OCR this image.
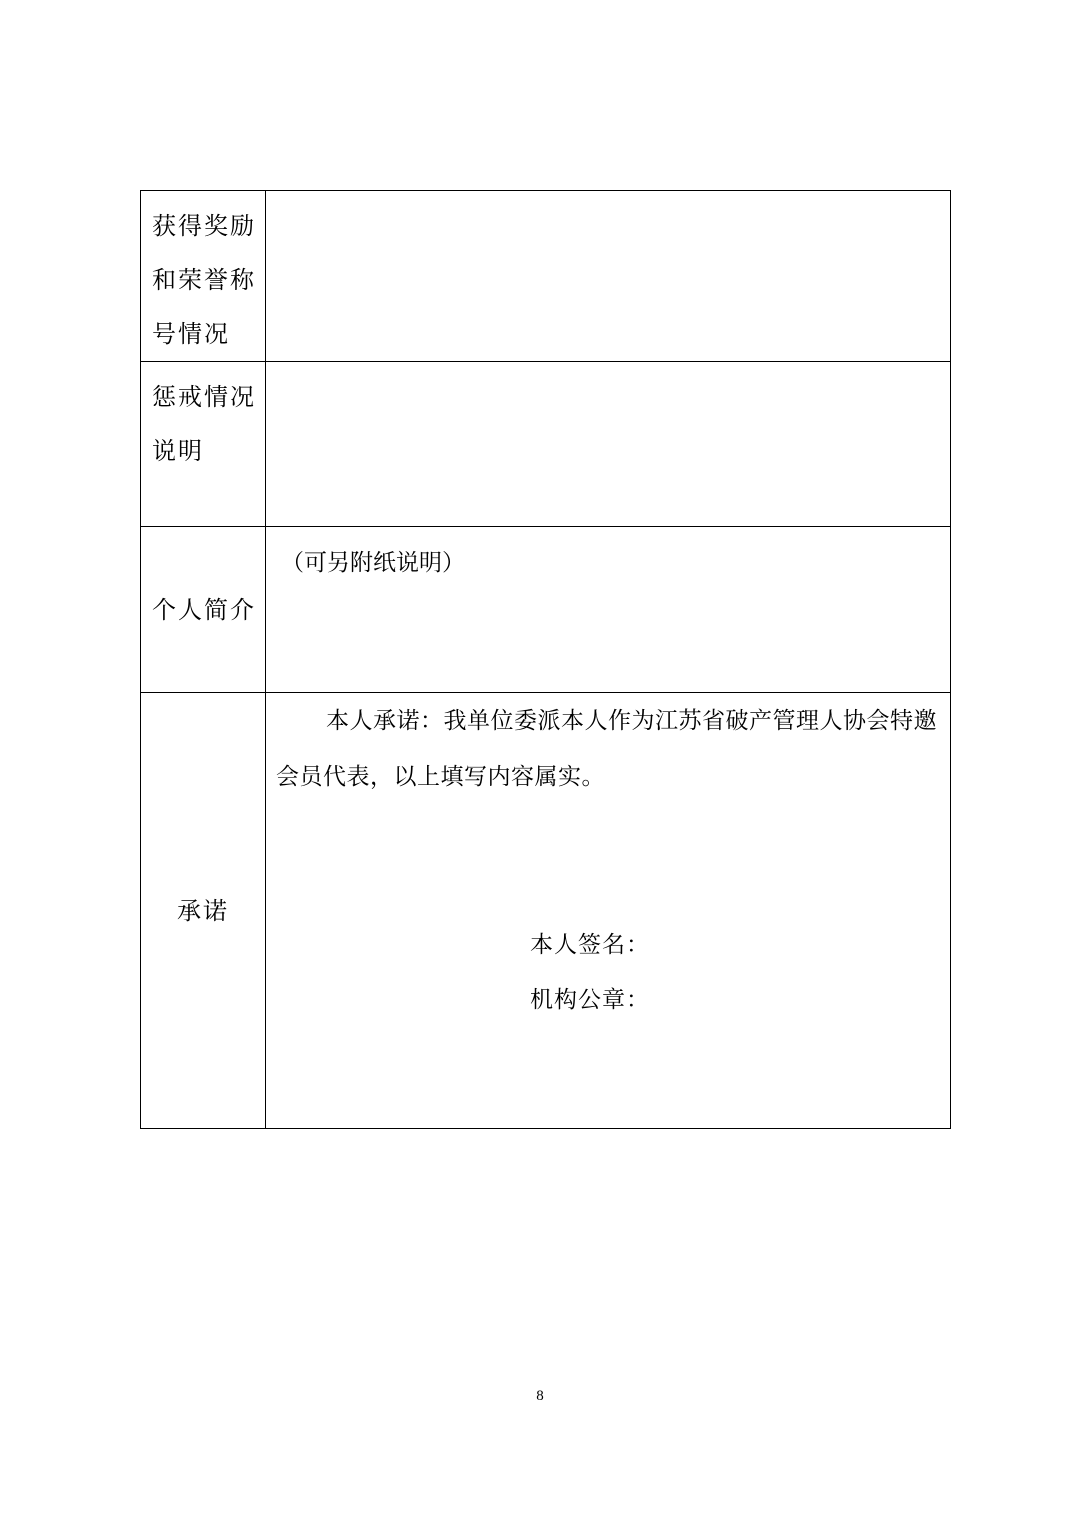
获得奖励
和荣誉称
号情况	

惩戒情况
说明	

个人简介	（可另附纸说明）

承诺	本人承诺：我单位委派本人作为江苏省破产管理人协会特邀会员代表，以上填写内容属实。
本人签名：
机构公章：
8
